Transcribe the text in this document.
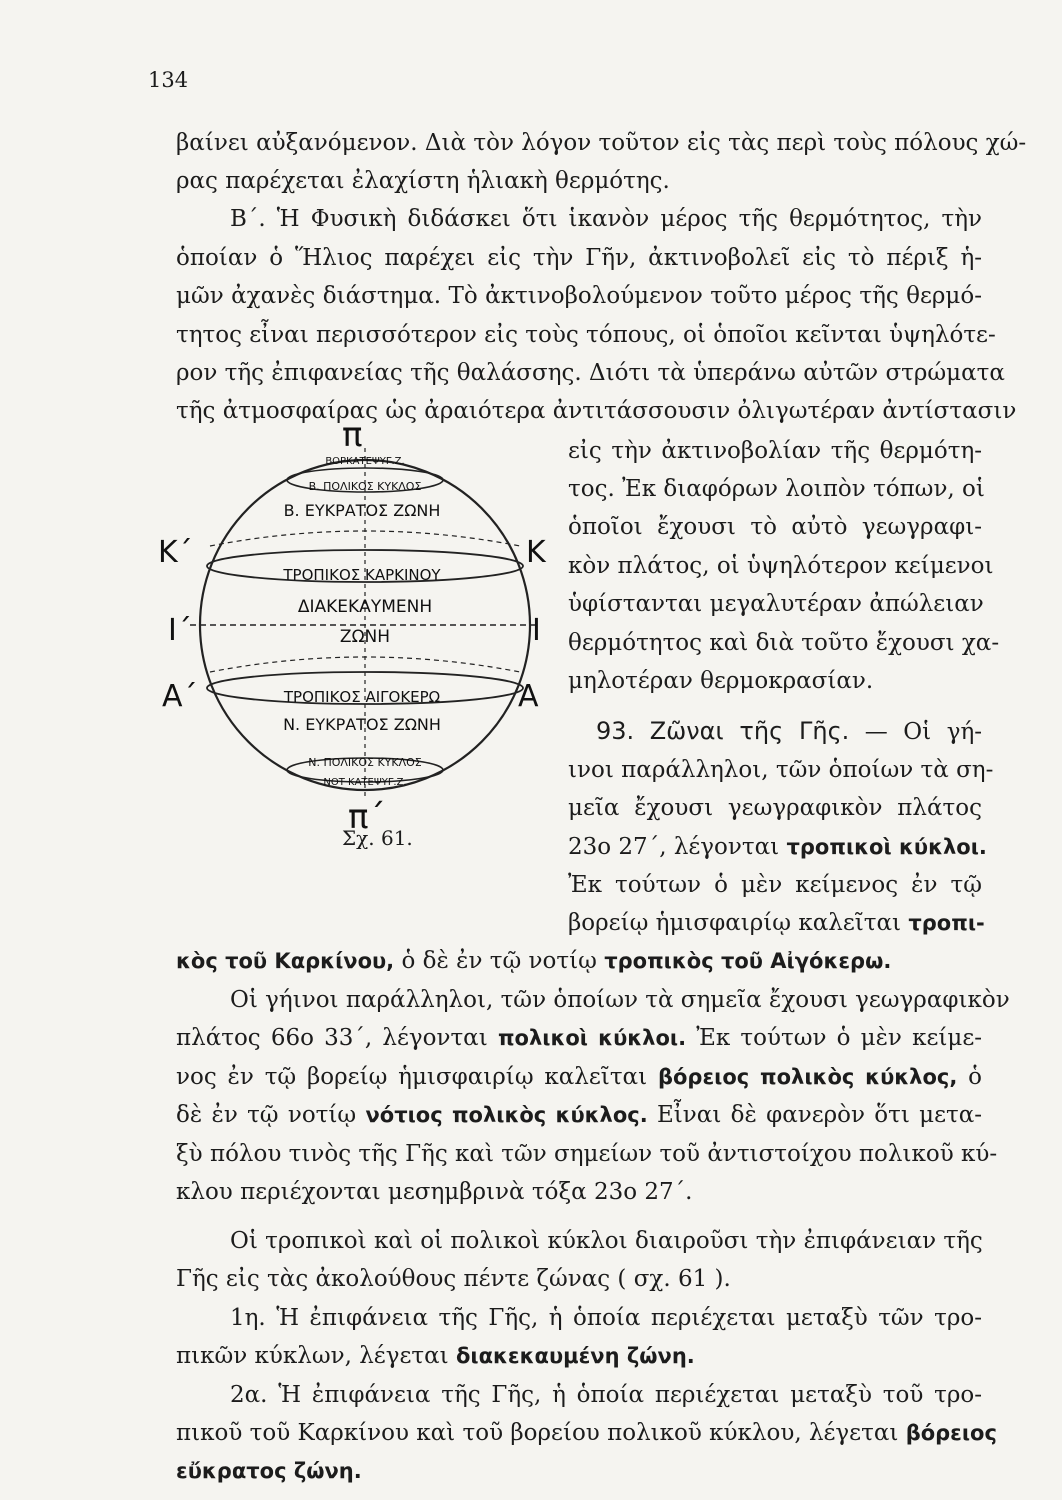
134
βαίνει αὐξανόμενον. Διὰ τὸν λόγον τοῦτον εἰς τὰς περὶ τοὺς πόλους χώ-
ρας παρέχεται ἐλαχίστη ἡλιακὴ θερμότης.
Β΄. Ἡ Φυσικὴ διδάσκει ὅτι ἱκανὸν μέρος τῆς θερμότητος, τὴν
ὁποίαν ὁ Ἥλιος παρέχει εἰς τὴν Γῆν, ἀκτινοβολεῖ εἰς τὸ πέριξ ἡ-
μῶν ἀχανὲς διάστημα. Τὸ ἀκτινοβολούμενον τοῦτο μέρος τῆς θερμό-
τητος εἶναι περισσότερον εἰς τοὺς τόπους, οἱ ὁποῖοι κεῖνται ὑψηλότε-
ρον τῆς ἐπιφανείας τῆς θαλάσσης. Διότι τὰ ὑπεράνω αὐτῶν στρώματα
τῆς ἀτμοσφαίρας ὡς ἀραιότερα ἀντιτάσσουσιν ὀλιγωτέραν ἀντίστασιν
εἰς τὴν ἀκτινοβολίαν τῆς θερμότη-
τος. Ἐκ διαφόρων λοιπὸν τόπων, οἱ
ὁποῖοι ἔχουσι τὸ αὐτὸ γεωγραφι-
κὸν πλάτος, οἱ ὑψηλότερον κείμενοι
ὑφίστανται μεγαλυτέραν ἀπώλειαν
θερμότητος καὶ διὰ τοῦτο ἔχουσι χα-
μηλοτέραν θερμοκρασίαν.
93. Ζῶναι τῆς Γῆς. — Οἱ γή-
ινοι παράλληλοι, τῶν ὁποίων τὰ ση-
μεῖα ἔχουσι γεωγραφικὸν πλάτος
23ο 27΄, λέγονται τροπικοὶ κύκλοι.
Ἐκ τούτων ὁ μὲν κείμενος ἐν τῷ
βορείῳ ἡμισφαιρίῳ καλεῖται τροπι-
κὸς τοῦ Καρκίνου, ὁ δὲ ἐν τῷ νοτίῳ τροπικὸς τοῦ Αἰγόκερω.
Οἱ γήινοι παράλληλοι, τῶν ὁποίων τὰ σημεῖα ἔχουσι γεωγραφικὸν
πλάτος 66ο 33΄, λέγονται πολικοὶ κύκλοι. Ἐκ τούτων ὁ μὲν κείμε-
νος ἐν τῷ βορείῳ ἡμισφαιρίῳ καλεῖται βόρειος πολικὸς κύκλος, ὁ
δὲ ἐν τῷ νοτίῳ νότιος πολικὸς κύκλος. Εἶναι δὲ φανερὸν ὅτι μετα-
ξὺ πόλου τινὸς τῆς Γῆς καὶ τῶν σημείων τοῦ ἀντιστοίχου πολικοῦ κύ-
κλου περιέχονται μεσημβρινὰ τόξα 23ο 27΄.
Οἱ τροπικοὶ καὶ οἱ πολικοὶ κύκλοι διαιροῦσι τὴν ἐπιφάνειαν τῆς
Γῆς εἰς τὰς ἀκολούθους πέντε ζώνας ( σχ. 61 ).
1η. Ἡ ἐπιφάνεια τῆς Γῆς, ἡ ὁποία περιέχεται μεταξὺ τῶν τρο-
πικῶν κύκλων, λέγεται διακεκαυμένη ζώνη.
2α. Ἡ ἐπιφάνεια τῆς Γῆς, ἡ ὁποία περιέχεται μεταξὺ τοῦ τρο-
πικοῦ τοῦ Καρκίνου καὶ τοῦ βορείου πολικοῦ κύκλου, λέγεται βόρειος
εὔκρατος ζώνη.
Κ΄
Ι΄
Α΄
Κ
Ι
Α
π
π΄
ΒΟΡΚΑΤΕΨΥΓ.Ζ.
Β. ΠΟΛΙΚΟΣ ΚΥΚΛΟΣ
Β. ΕΥΚΡΑΤΟΣ ΖΩΝΗ
ΤΡΟΠΙΚΟΣ ΚΑΡΚΙΝΟΥ
ΔΙΑΚΕΚΑΥΜΕΝΗ
ΖΩΝΗ
ΤΡΟΠΙΚΟΣ ΑΙΓΟΚΕΡΩ
Ν. ΕΥΚΡΑΤΟΣ ΖΩΝΗ
Ν. ΠΟΛΙΚΟΣ ΚΥΚΛΟΣ
ΝΟΤ ΚΑΤΕΨΥΓ.Ζ.
Σχ. 61.
